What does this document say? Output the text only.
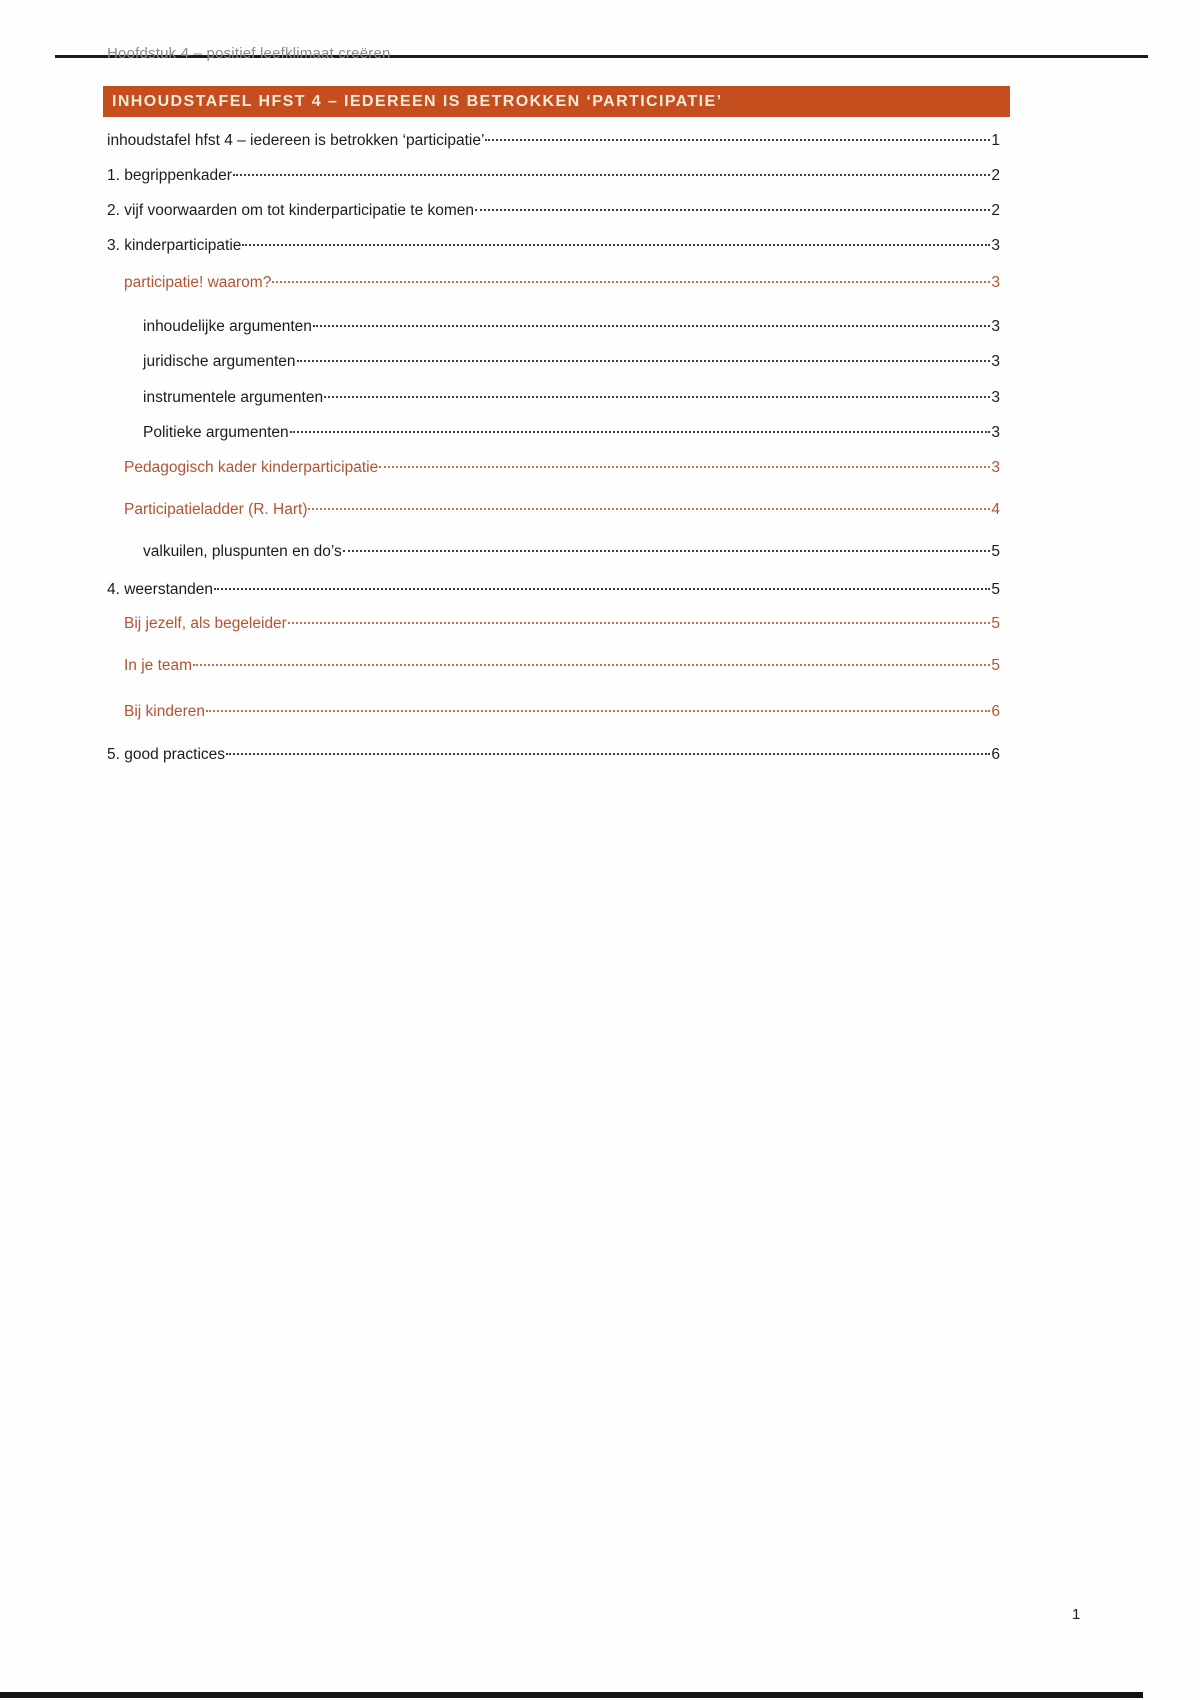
Hoofdstuk 4 – positief leefklimaat creëren
INHOUDSTAFEL HFST 4 – IEDEREEN IS BETROKKEN ‘PARTICIPATIE’
inhoudstafel hfst 4 – iedereen is betrokken ‘participatie’	1
1. begrippenkader	2
2. vijf voorwaarden om tot kinderparticipatie te komen	2
3. kinderparticipatie	3
participatie! waarom?	3
inhoudelijke argumenten	3
juridische argumenten	3
instrumentele argumenten	3
Politieke argumenten	3
Pedagogisch kader kinderparticipatie	3
Participatieladder (R. Hart)	4
valkuilen, pluspunten en do’s	5
4. weerstanden	5
Bij jezelf, als begeleider	5
In je team	5
Bij kinderen	6
5. good practices	6
1
